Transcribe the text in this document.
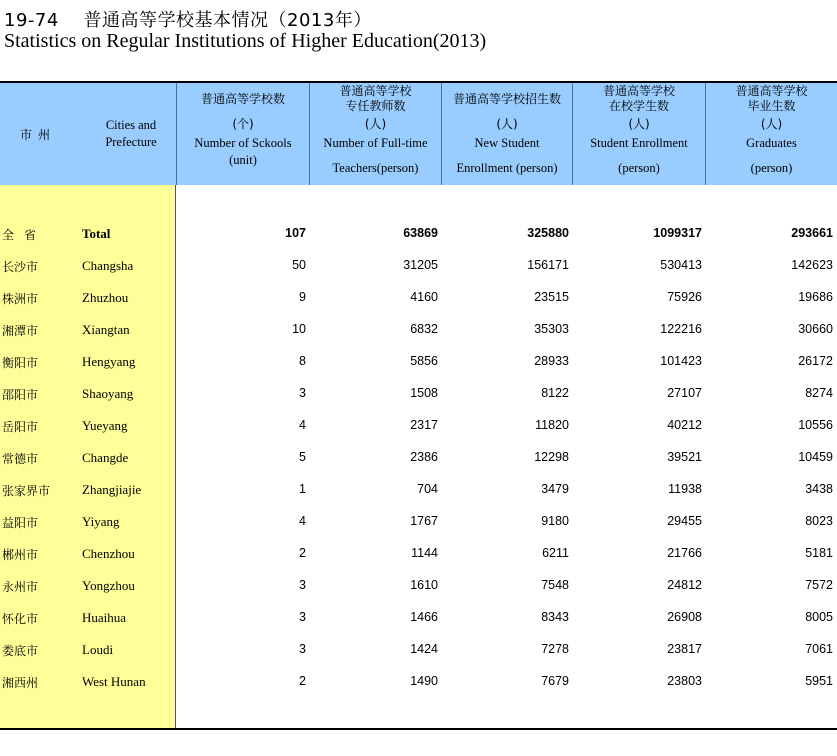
19-74　 普通高等学校基本情况（2013年）
Statistics on Regular Institutions of Higher Education(2013)
市州
Cities and
Prefecture
普通高等学校数
(个)
Number of Sckools
(unit)
普通高等学校
专任教师数
(人)
Number of Full-time
Teachers(person)
普通高等学校招生数
(人)
New Student
Enrollment (person)
普通高等学校
在校学生数
(人)
Student Enrollment
(person)
普通高等学校
毕业生数
(人)
Graduates
(person)
全省	Total	107	63869	325880	1099317	293661
长沙市	Changsha	50	31205	156171	530413	142623
株洲市	Zhuzhou	9	4160	23515	75926	19686
湘潭市	Xiangtan	10	6832	35303	122216	30660
衡阳市	Hengyang	8	5856	28933	101423	26172
邵阳市	Shaoyang	3	1508	8122	27107	8274
岳阳市	Yueyang	4	2317	11820	40212	10556
常德市	Changde	5	2386	12298	39521	10459
张家界市 Zhangjiajie	1	704	3479	11938	3438
益阳市	Yiyang	4	1767	9180	29455	8023
郴州市	Chenzhou	2	1144	6211	21766	5181
永州市	Yongzhou	3	1610	7548	24812	7572
怀化市	Huaihua	3	1466	8343	26908	8005
娄底市	Loudi	3	1424	7278	23817	7061
湘西州	West Hunan	2	1490	7679	23803	5951
